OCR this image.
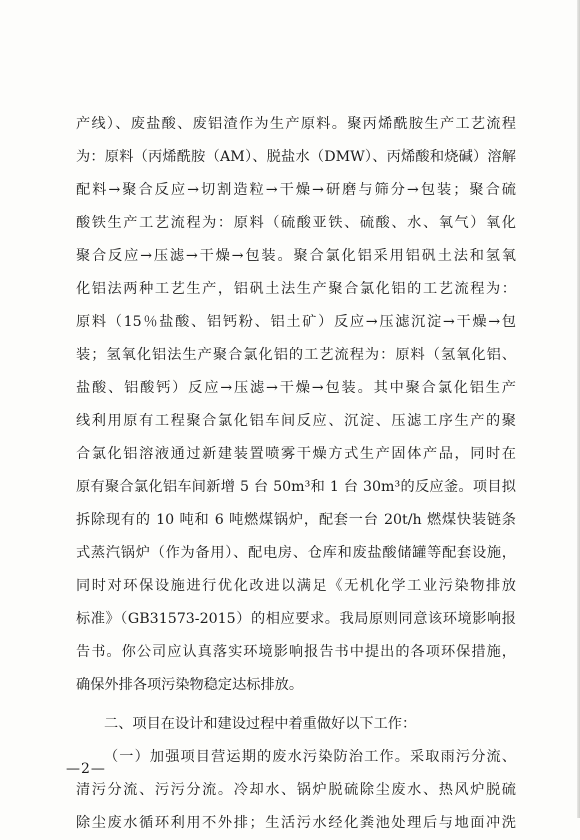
产线）、废盐酸、废铝渣作为生产原料。聚丙烯酰胺生产工艺流程
为：原料（丙烯酰胺（AM）、脱盐水（DMW）、丙烯酸和烧碱）溶解
配料→聚合反应→切割造粒→干燥→研磨与筛分→包装；聚合硫
酸铁生产工艺流程为：原料（硫酸亚铁、硫酸、水、氧气）氧化
聚合反应→压滤→干燥→包装。聚合氯化铝采用铝矾土法和氢氧
化铝法两种工艺生产，铝矾土法生产聚合氯化铝的工艺流程为：
原料（15％盐酸、铝钙粉、铝土矿）反应→压滤沉淀→干燥→包
装；氢氧化铝法生产聚合氯化铝的工艺流程为：原料（氢氧化铝、
盐酸、铝酸钙）反应→压滤→干燥→包装。其中聚合氯化铝生产
线利用原有工程聚合氯化铝车间反应、沉淀、压滤工序生产的聚
合氯化铝溶液通过新建装置喷雾干燥方式生产固体产品，同时在
原有聚合氯化铝车间新增 5 台 50m³和 1 台 30m³的反应釜。项目拟
拆除现有的 10 吨和 6 吨燃煤锅炉，配套一台 20t/h 燃煤快装链条
式蒸汽锅炉（作为备用）、配电房、仓库和废盐酸储罐等配套设施，
同时对环保设施进行优化改进以满足《无机化学工业污染物排放
标准》（GB31573-2015）的相应要求。我局原则同意该环境影响报
告书。你公司应认真落实环境影响报告书中提出的各项环保措施，
确保外排各项污染物稳定达标排放。
二、项目在设计和建设过程中着重做好以下工作：
（一）加强项目营运期的废水污染防治工作。采取雨污分流、
清污分流、污污分流。冷却水、锅炉脱硫除尘废水、热风炉脱硫
除尘废水循环利用不外排；生活污水经化粪池处理后与地面冲洗
—2—
